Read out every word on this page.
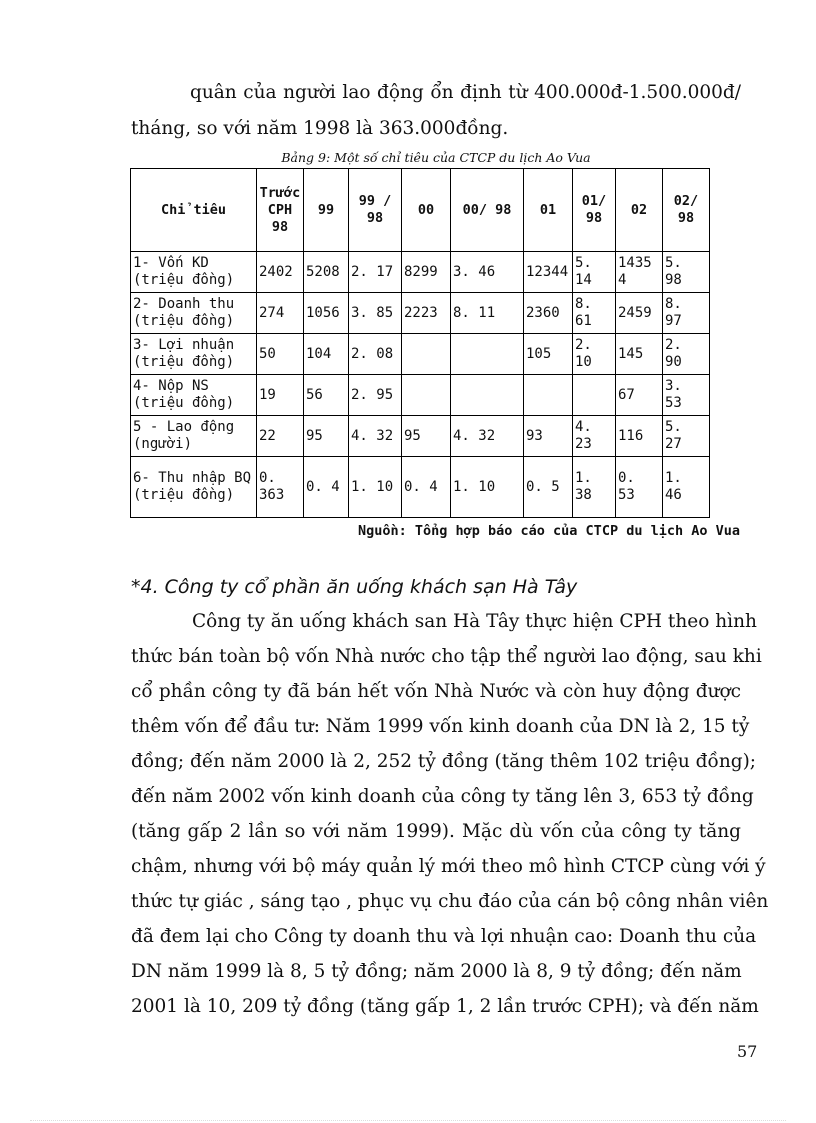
quân của người lao động ổn định từ 400.000đ-1.500.000đ/
tháng, so với năm 1998 là 363.000đồng.
Bảng 9: Một số chỉ tiêu của CTCP du lịch Ao Vua
Chỉ tiêu	Trước CPH 98	99	99 / 98	00	00/ 98	01	01/ 98	02	02/ 98
1- Vốn KD (triệu đồng)	2402	5208	2. 17	8299	3. 46	12344	5. 14	14354	5. 98
2- Doanh thu (triệu đồng)	274	1056	3. 85	2223	8. 11	2360	8. 61	2459	8. 97
3- Lợi nhuận (triệu đồng)	50	104	2. 08			105	2. 10	145	2. 90
4- Nộp NS (triệu đồng)	19	56	2. 95					67	3. 53
5 - Lao động (người)	22	95	4. 32	95	4. 32	93	4. 23	116	5. 27
6- Thu nhập BQ (triệu đồng)	0. 363	0. 4	1. 10	0. 4	1. 10	0. 5	1. 38	0. 53	1. 46
Nguồn: Tổng hợp báo cáo của CTCP du lịch Ao Vua
*4. Công ty cổ phần ăn uống khách sạn Hà Tây
Công ty ăn uống khách san Hà Tây thực hiện CPH theo hình
thức bán toàn bộ vốn Nhà nước cho tập thể người lao động, sau khi
cổ phần công ty đã bán hết vốn Nhà Nước và còn huy động được
thêm vốn để đầu tư: Năm 1999 vốn kinh doanh của DN là 2, 15 tỷ
đồng; đến năm 2000 là 2, 252 tỷ đồng (tăng thêm 102 triệu đồng);
đến năm 2002 vốn kinh doanh của công ty tăng lên 3, 653 tỷ đồng
(tăng gấp 2 lần so với năm 1999). Mặc dù vốn của công ty tăng
chậm, nhưng với bộ máy quản lý mới theo mô hình CTCP cùng với ý
thức tự giác , sáng tạo , phục vụ chu đáo của cán bộ công nhân viên
đã đem lại cho Công ty doanh thu và lợi nhuận cao: Doanh thu của
DN năm 1999 là 8, 5 tỷ đồng; năm 2000 là 8, 9 tỷ đồng; đến năm
2001 là 10, 209 tỷ đồng (tăng gấp 1, 2 lần trước CPH); và đến năm
57
